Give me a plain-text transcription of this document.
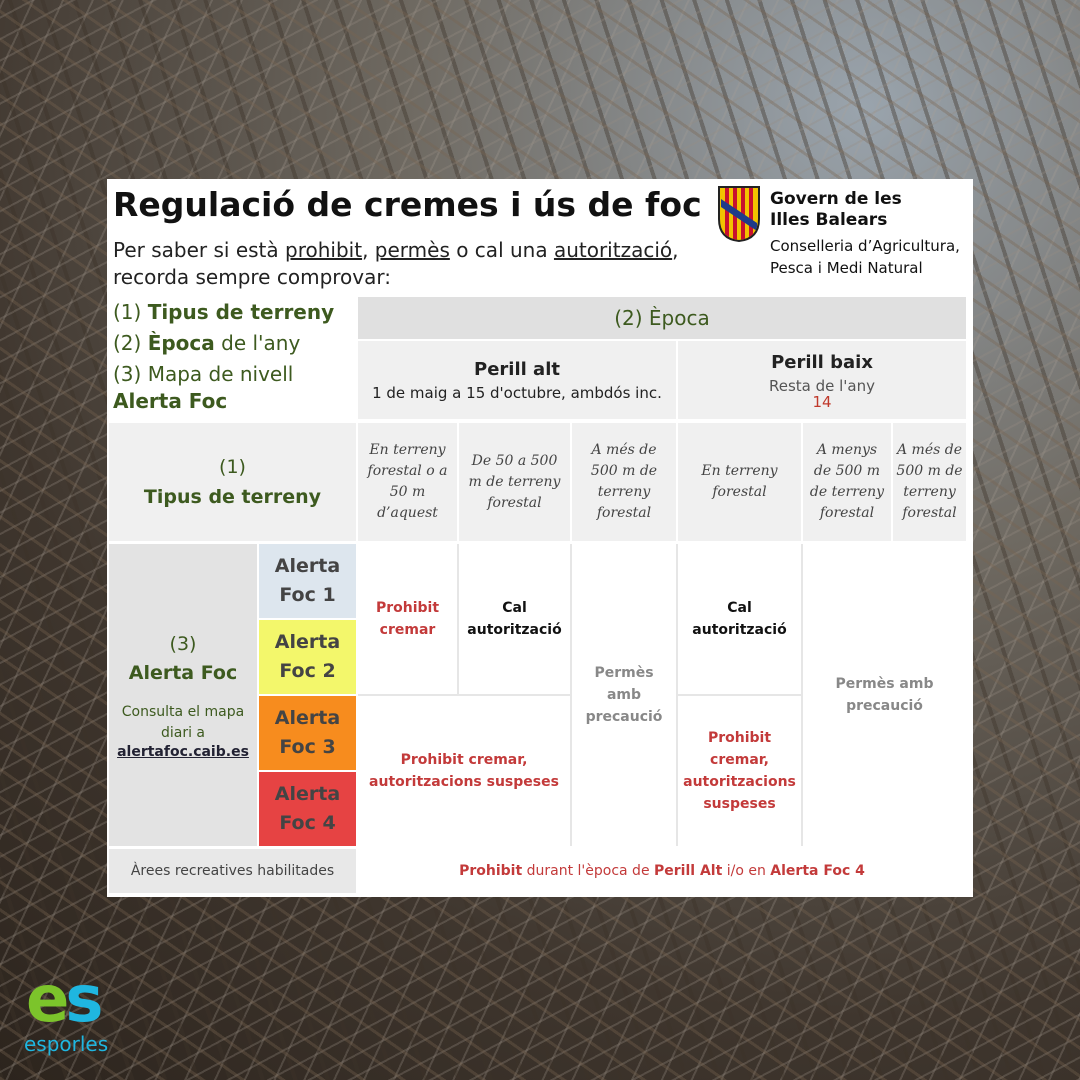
Regulació de cremes i ús de foc
Per saber si està prohibit, permès o cal una autorització,
recorda sempre comprovar:
Govern de les
Illes Balears
Conselleria d’Agricultura,
Pesca i Medi Natural
(1) Tipus de terreny
(2) Època de l'any
(3) Mapa de nivell
Alerta Foc
(2) Època
Perill alt
1 de maig a 15 d'octubre, ambdós inc.
Perill baix
Resta de l'any
14
(1)
Tipus de terreny
En terreny forestal o a 50 m d’aquest
De 50 a 500 m de terreny forestal
A més de 500 m de terreny forestal
En terreny forestal
A menys de 500 m de terreny forestal
A més de 500 m de terreny forestal
(3)
Alerta Foc
Consulta el mapa diari a
alertafoc.caib.es
Alerta Foc 1
Alerta Foc 2
Alerta Foc 3
Alerta Foc 4
Prohibit cremar
Cal autorització
Permès amb precaució
Cal autorització
Permès amb precaució
Prohibit cremar, autoritzacions suspeses
Prohibit cremar, autoritzacions suspeses
Àrees recreatives habilitades	Prohibit durant l'època de Perill Alt i/o en Alerta Foc 4
es
esporles
